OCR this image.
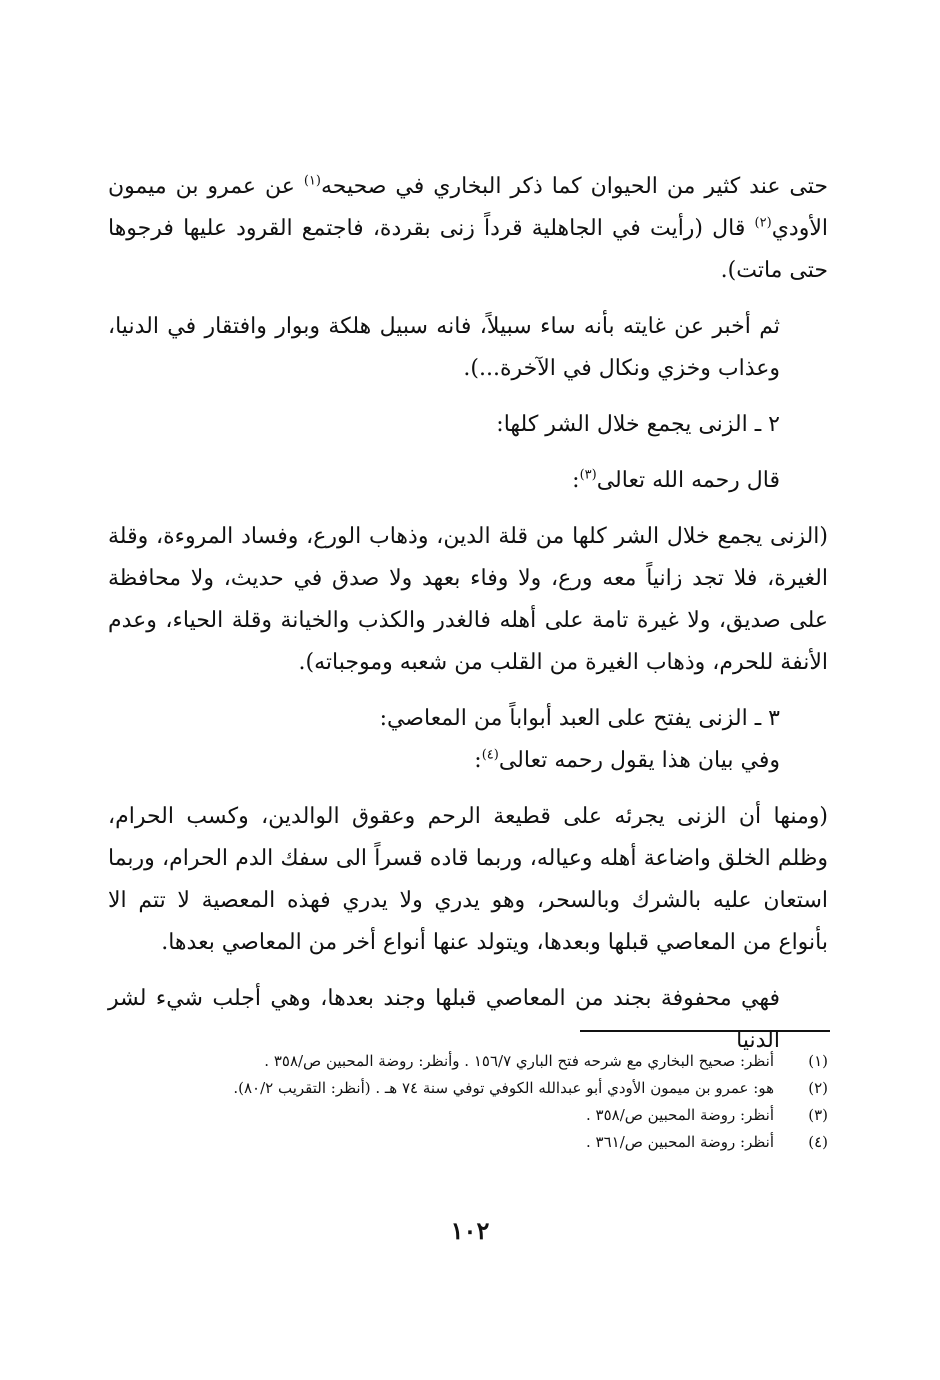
حتى عند كثير من الحيوان كما ذكر البخاري في صحيحه$^{(١)}$ عن عمرو بن ميمون الأودي$^{(٢)}$ قال (رأيت في الجاهلية قرداً زنى بقردة، فاجتمع القرود عليها فرجوها حتى ماتت).

ثم أخبر عن غايته بأنه ساء سبيلاً، فانه سبيل هلكة وبوار وافتقار في الدنيا، وعذاب وخزي ونكال في الآخرة...).

٢ ـ الزنى يجمع خلال الشر كلها:

قال رحمه الله تعالى$^{(٣)}$:

(الزنى يجمع خلال الشر كلها من قلة الدين، وذهاب الورع، وفساد المروءة، وقلة الغيرة، فلا تجد زانياً معه ورع، ولا وفاء بعهد ولا صدق في حديث، ولا محافظة على صديق، ولا غيرة تامة على أهله فالغدر والكذب والخيانة وقلة الحياء، وعدم الأنفة للحرم، وذهاب الغيرة من القلب من شعبه وموجباته).

٣ ـ الزنى يفتح على العبد أبواباً من المعاصي:

وفي بيان هذا يقول رحمه تعالى$^{(٤)}$:

(ومنها أن الزنى يجرئه على قطيعة الرحم وعقوق الوالدين، وكسب الحرام، وظلم الخلق واضاعة أهله وعياله، وربما قاده قسراً الى سفك الدم الحرام، وربما استعان عليه بالشرك وبالسحر، وهو يدري ولا يدري فهذه المعصية لا تتم الا بأنواع من المعاصي قبلها وبعدها، ويتولد عنها أنواع أخر من المعاصي بعدها.

فهي محفوفة بجند من المعاصي قبلها وجند بعدها، وهي أجلب شيء لشر الدنيا

(١)
أنظر: صحيح البخاري مع شرحه فتح الباري ١٥٦/٧ . وأنظر: روضة المحبين ص/٣٥٨ .
(٢)
هو: عمرو بن ميمون الأودي أبو عبدالله الكوفي توفي سنة ٧٤ هـ . (أنظر: التقريب ٨٠/٢).
(٣)
أنظر: روضة المحبين ص/٣٥٨ .
(٤)
أنظر: روضة المحبين ص/٣٦١ .
١٠٢
